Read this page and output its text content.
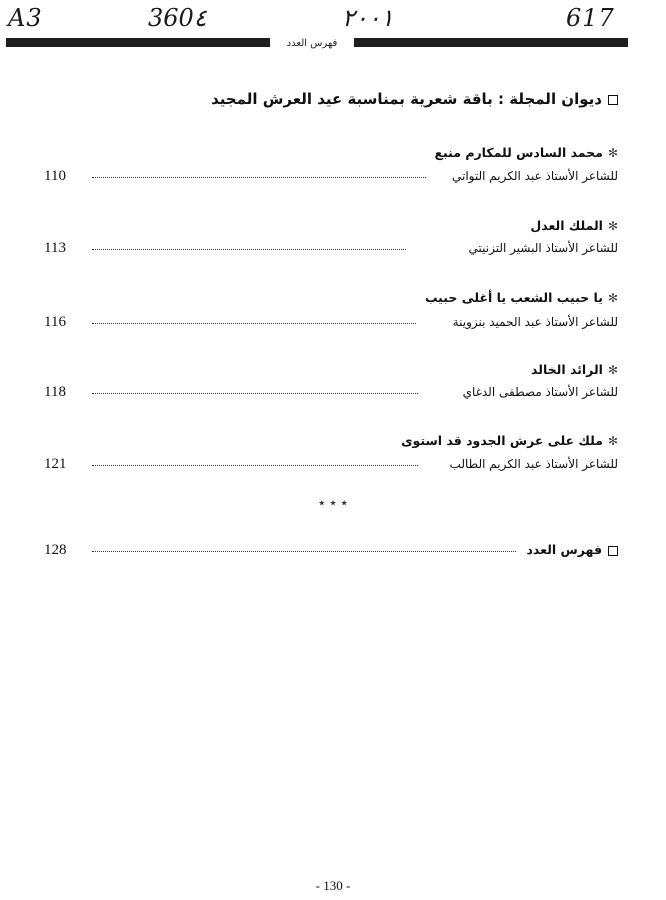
A3	360٤	٢٠٠١	617
فهرس العدد
ديوان المجلة : باقة شعرية بمناسبة عيد العرش المجيد
✻محمد السادس للمكارم منبع
110	للشاعر الأستاذ عبد الكريم التواتي
✻الملك العدل
113	للشاعر الأستاذ البشير التزنيتي
✻يا حبيب الشعب يا أغلى حبيب
116	للشاعر الأستاذ عبد الحميد بنزوينة
✻الرائد الخالد
118	للشاعر الأستاذ مصطفى الدغاي
✻ملك على عرش الجدود قد استوى
121	للشاعر الأستاذ عبد الكريم الطالب
٭ ٭ ٭
128	فهرس العدد
- 130 -
